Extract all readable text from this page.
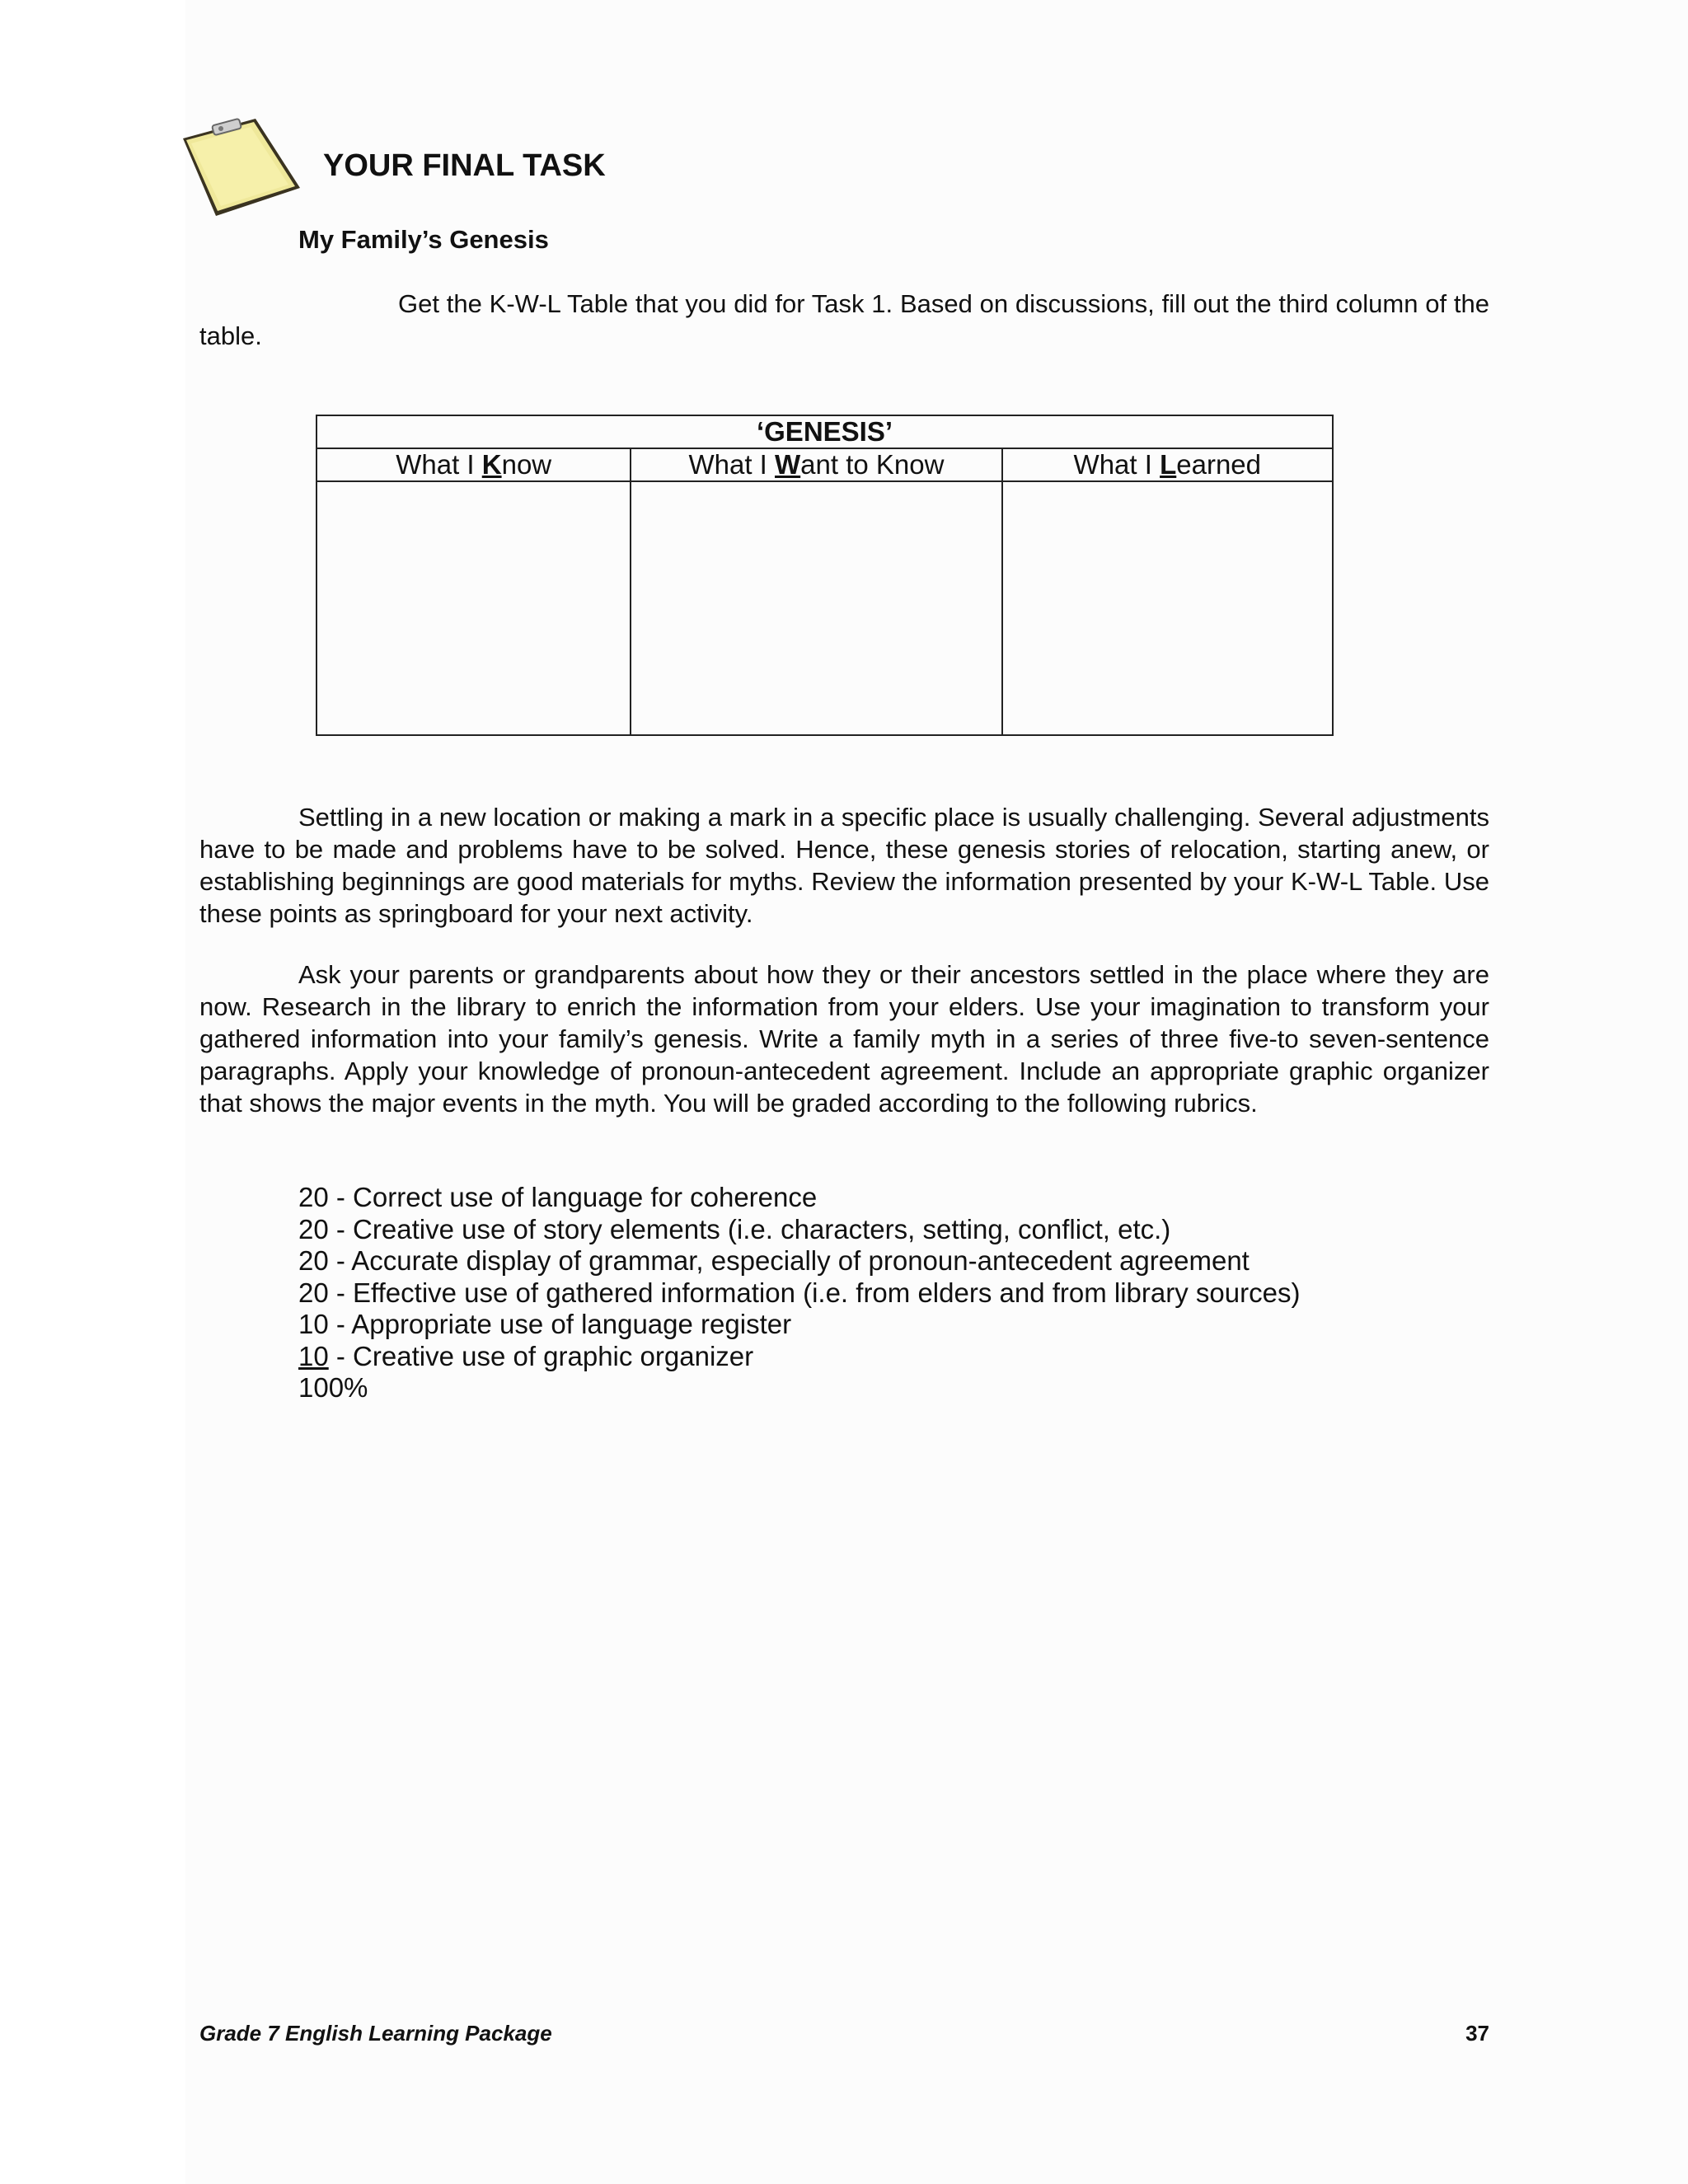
YOUR FINAL TASK
My Family’s Genesis

Get the K-W-L Table that you did for Task 1. Based on discussions, fill out the third column of the table.

‘GENESIS’		
What I Know	What I Want to Know	What I Learned

Settling in a new location or making a mark in a specific place is usually challenging. Several adjustments have to be made and problems have to be solved. Hence, these genesis stories of relocation, starting anew, or establishing beginnings are good materials for myths. Review the information presented by your K-W-L Table. Use these points as springboard for your next activity.

Ask your parents or grandparents about how they or their ancestors settled in the place where they are now. Research in the library to enrich the information from your elders. Use your imagination to transform your gathered information into your family’s genesis. Write a family myth in a series of three five-to seven-sentence paragraphs. Apply your knowledge of pronoun-antecedent agreement. Include an appropriate graphic organizer that shows the major events in the myth. You will be graded according to the following rubrics.

20 - Correct use of language for coherence
20 - Creative use of story elements (i.e. characters, setting, conflict, etc.)
20 - Accurate display of grammar, especially of pronoun-antecedent agreement
20 - Effective use of gathered information (i.e. from elders and from library sources)
10 - Appropriate use of language register
10 - Creative use of graphic organizer
100%
Grade 7 English Learning Package	37
